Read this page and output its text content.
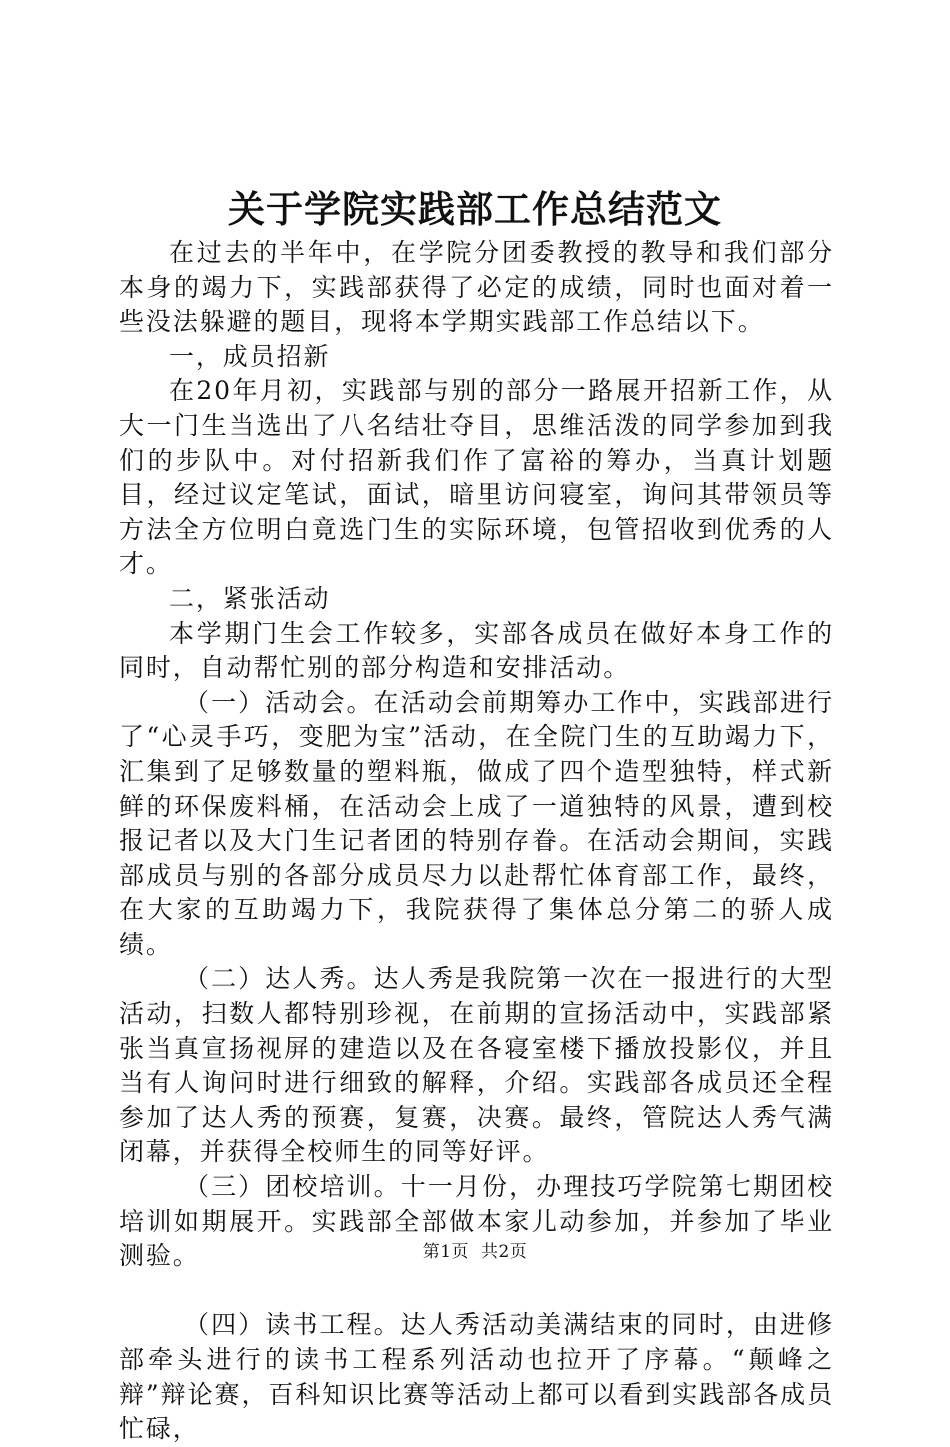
关于学院实践部工作总结范文

在过去的半年中，在学院分团委教授的教导和我们部分本身的竭力下，实践部获得了必定的成绩，同时也面对着一些没法躲避的题目，现将本学期实践部工作总结以下。

一，成员招新

在20年月初，实践部与别的部分一路展开招新工作，从大一门生当选出了八名结壮夺目，思维活泼的同学参加到我们的步队中。对付招新我们作了富裕的筹办，当真计划题目，经过议定笔试，面试，暗里访问寝室，询问其带领员等方法全方位明白竟选门生的实际环境，包管招收到优秀的人才。

二，紧张活动

本学期门生会工作较多，实部各成员在做好本身工作的同时，自动帮忙别的部分构造和安排活动。

（一）活动会。在活动会前期筹办工作中，实践部进行了“心灵手巧，变肥为宝”活动，在全院门生的互助竭力下，汇集到了足够数量的塑料瓶，做成了四个造型独特，样式新鲜的环保废料桶，在活动会上成了一道独特的风景，遭到校报记者以及大门生记者团的特别存眷。在活动会期间，实践部成员与别的各部分成员尽力以赴帮忙体育部工作，最终，在大家的互助竭力下，我院获得了集体总分第二的骄人成绩。

（二）达人秀。达人秀是我院第一次在一报进行的大型活动，扫数人都特别珍视，在前期的宣扬活动中，实践部紧张当真宣扬视屏的建造以及在各寝室楼下播放投影仪，并且当有人询问时进行细致的解释，介绍。实践部各成员还全程参加了达人秀的预赛，复赛，决赛。最终，管院达人秀气满闭幕，并获得全校师生的同等好评。

（三）团校培训。十一月份，办理技巧学院第七期团校培训如期展开。实践部全部做本家儿动参加，并参加了毕业测验。

（四）读书工程。达人秀活动美满结束的同时，由进修部牵头进行的读书工程系列活动也拉开了序幕。“颠峰之辩”辩论赛，百科知识比赛等活动上都可以看到实践部各成员忙碌，

第1页 共2页
